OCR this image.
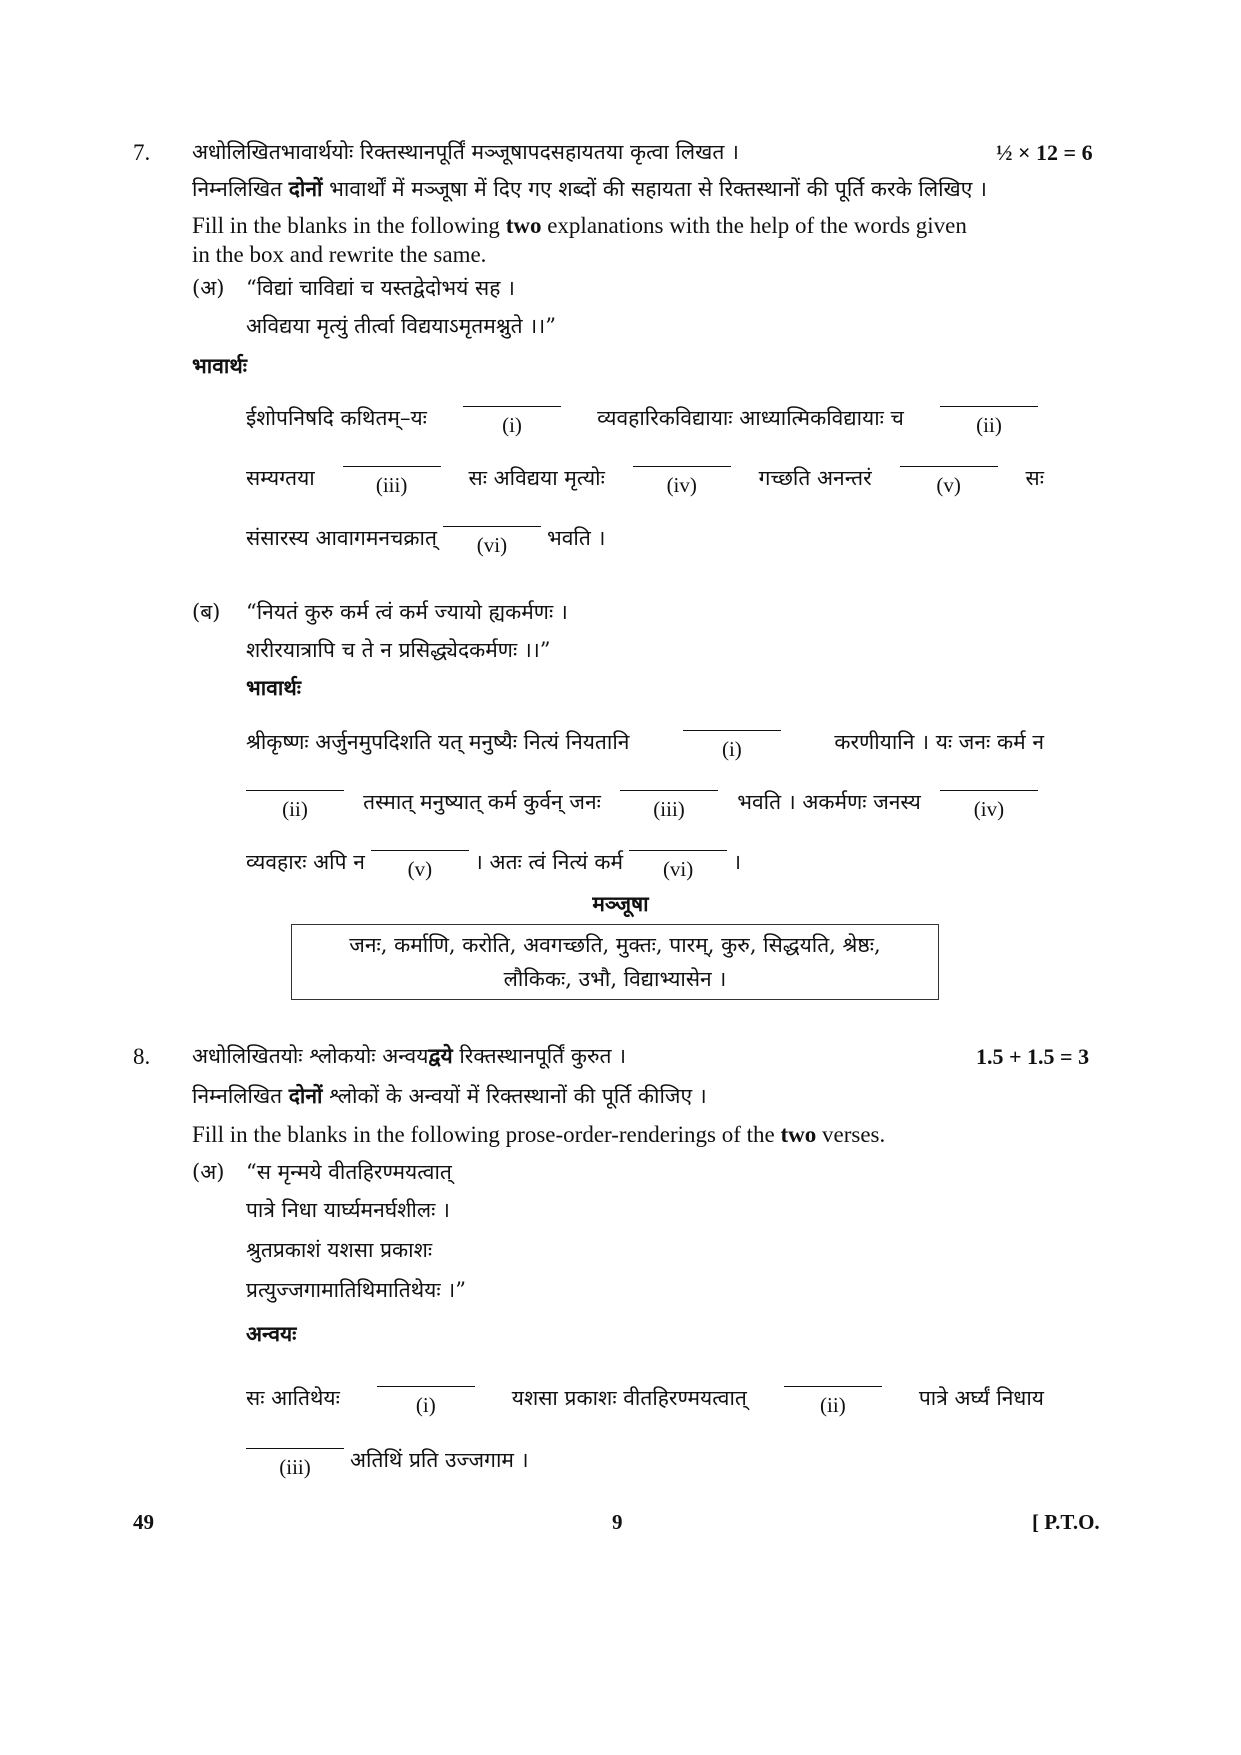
7. अधोलिखितभावार्थयोः रिक्तस्थानपूर्तिं मञ्जूषापदसहायतया कृत्वा लिखत ।	½ × 12 = 6
निम्नलिखित दोनों भावार्थों में मञ्जूषा में दिए गए शब्दों की सहायता से रिक्तस्थानों की पूर्ति करके लिखिए ।
Fill in the blanks in the following two explanations with the help of the words given
in the box and rewrite the same.
(अ) “विद्यां चाविद्यां च यस्तद्वेदोभयं सह ।
अविद्यया मृत्युं तीर्त्वा विद्ययाऽमृतमश्नुते ।।”
भावार्थः
ईशोपनिषदि कथितम्–यः	(i)	व्यवहारिकविद्यायाः आध्यात्मिकविद्यायाः च	(ii)
सम्यग्तया	(iii)	सः अविद्यया मृत्योः	(iv)	गच्छति अनन्तरं	(v)	सः
संसारस्य आवागमनचक्रात्	(vi)	भवति ।
(ब) “नियतं कुरु कर्म त्वं कर्म ज्यायो ह्यकर्मणः ।
शरीरयात्रापि च ते न प्रसिद्ध्येदकर्मणः ।।”
भावार्थः
श्रीकृष्णः अर्जुनमुपदिशति यत् मनुष्यैः नित्यं नियतानि	(i)	करणीयानि । यः जनः कर्म न
(ii)	तस्मात् मनुष्यात् कर्म कुर्वन् जनः	(iii)	भवति । अकर्मणः जनस्य	(iv)
व्यवहारः अपि न	(v)	। अतः त्वं नित्यं कर्म	(vi)	।
मञ्जूषा
जनः, कर्माणि, करोति, अवगच्छति, मुक्तः, पारम्, कुरु, सिद्धयति, श्रेष्ठः,
लौकिकः, उभौ, विद्याभ्यासेन ।
8. अधोलिखितयोः श्लोकयोः अन्वयद्वये रिक्तस्थानपूर्तिं कुरुत ।	1.5 + 1.5 = 3
निम्नलिखित दोनों श्लोकों के अन्वयों में रिक्तस्थानों की पूर्ति कीजिए ।
Fill in the blanks in the following prose-order-renderings of the two verses.
(अ) “स मृन्मये वीतहिरण्मयत्वात्
पात्रे निधा यार्घ्यमनर्घशीलः ।
श्रुतप्रकाशं यशसा प्रकाशः
प्रत्युज्जगामातिथिमातिथेयः ।”
अन्वयः
सः आतिथेयः	(i)	यशसा प्रकाशः वीतहिरण्मयत्वात्	(ii)	पात्रे अर्घ्यं निधाय
(iii)	अतिथिं प्रति उज्जगाम ।
49	9	[ P.T.O.
